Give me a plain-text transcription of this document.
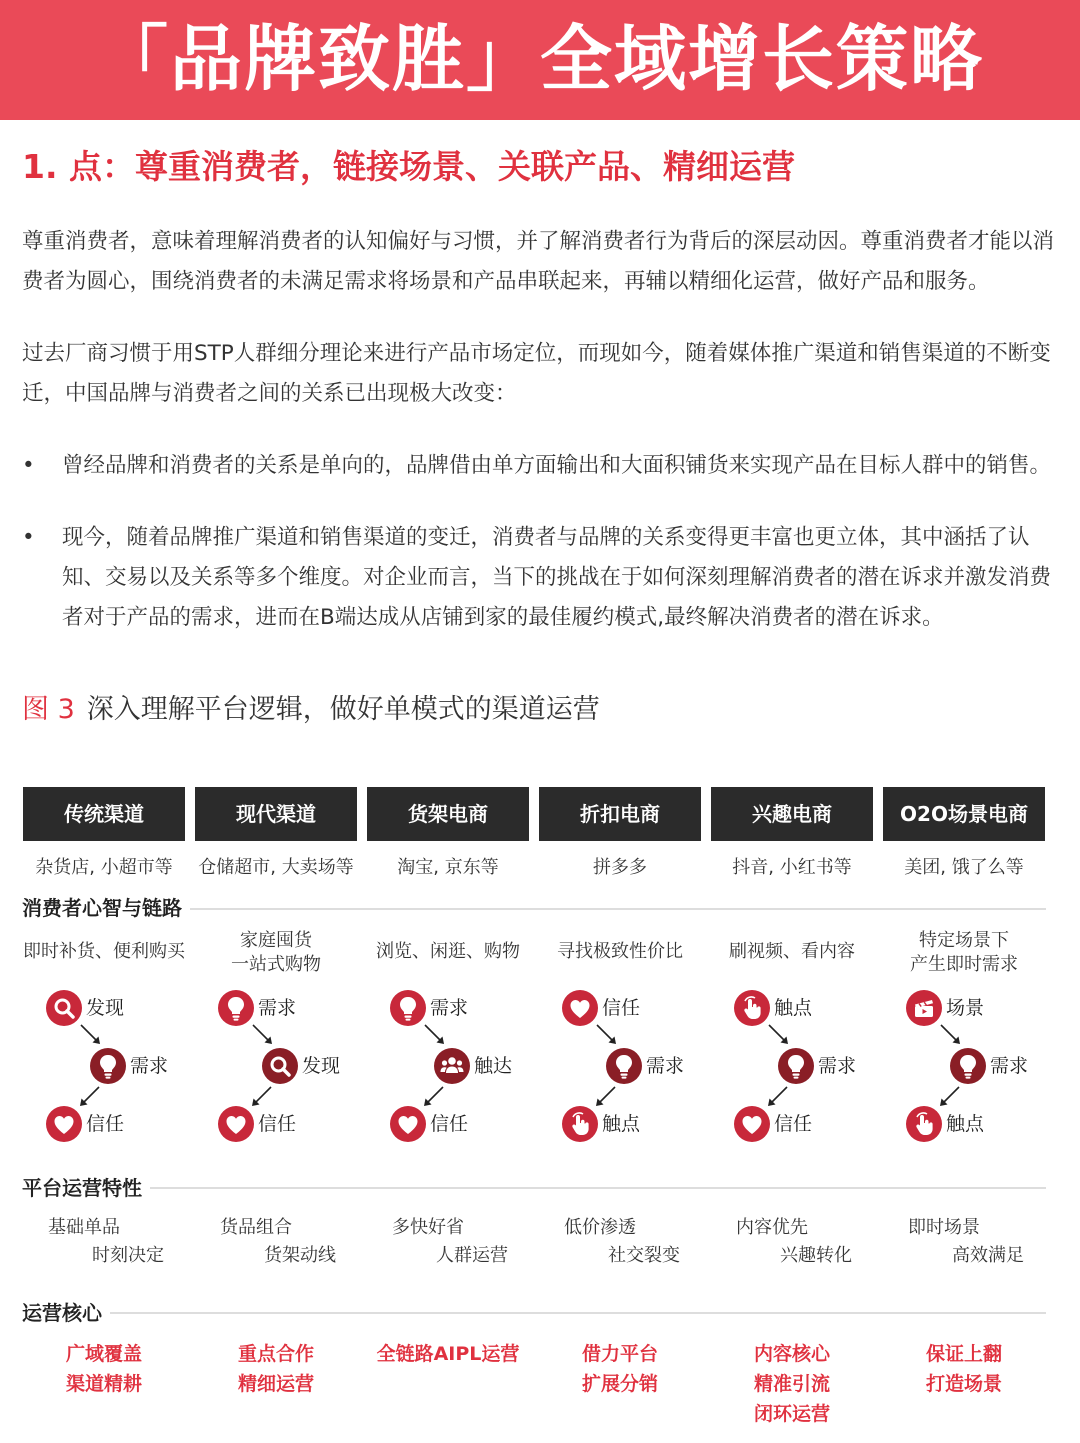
「品牌致胜」全域增长策略
1. 点：尊重消费者，链接场景、关联产品、精细运营
尊重消费者，意味着理解消费者的认知偏好与习惯，并了解消费者行为背后的深层动因。尊重消费者才能以消费者为圆心，围绕消费者的未满足需求将场景和产品串联起来，再辅以精细化运营，做好产品和服务。
过去厂商习惯于用STP人群细分理论来进行产品市场定位，而现如今，随着媒体推广渠道和销售渠道的不断变迁，中国品牌与消费者之间的关系已出现极大改变：
•	曾经品牌和消费者的关系是单向的，品牌借由单方面输出和大面积铺货来实现产品在目标人群中的销售。
•	现今，随着品牌推广渠道和销售渠道的变迁，消费者与品牌的关系变得更丰富也更立体，其中涵括了认知、交易以及关系等多个维度。对企业而言，当下的挑战在于如何深刻理解消费者的潜在诉求并激发消费者对于产品的需求，进而在B端达成从店铺到家的最佳履约模式,最终解决消费者的潜在诉求。
图 3 深入理解平台逻辑，做好单模式的渠道运营
传统渠道
杂货店, 小超市等
即时补货、便利购买
发现
需求
信任
基础单品
时刻决定
广域覆盖
渠道精耕
现代渠道
仓储超市, 大卖场等
家庭囤货
一站式购物
需求
发现
信任
货品组合
货架动线
重点合作
精细运营
货架电商
淘宝, 京东等
浏览、闲逛、购物
需求
触达
信任
多快好省
人群运营
全链路AIPL运营
折扣电商
拼多多
寻找极致性价比
信任
需求
触点
低价渗透
社交裂变
借力平台
扩展分销
兴趣电商
抖音, 小红书等
刷视频、看内容
触点
需求
信任
内容优先
兴趣转化
内容核心
精准引流
闭环运营
O2O场景电商
美团, 饿了么等
特定场景下
产生即时需求
场景
需求
触点
即时场景
高效满足
保证上翻
打造场景
消费者心智与链路
平台运营特性
运营核心
